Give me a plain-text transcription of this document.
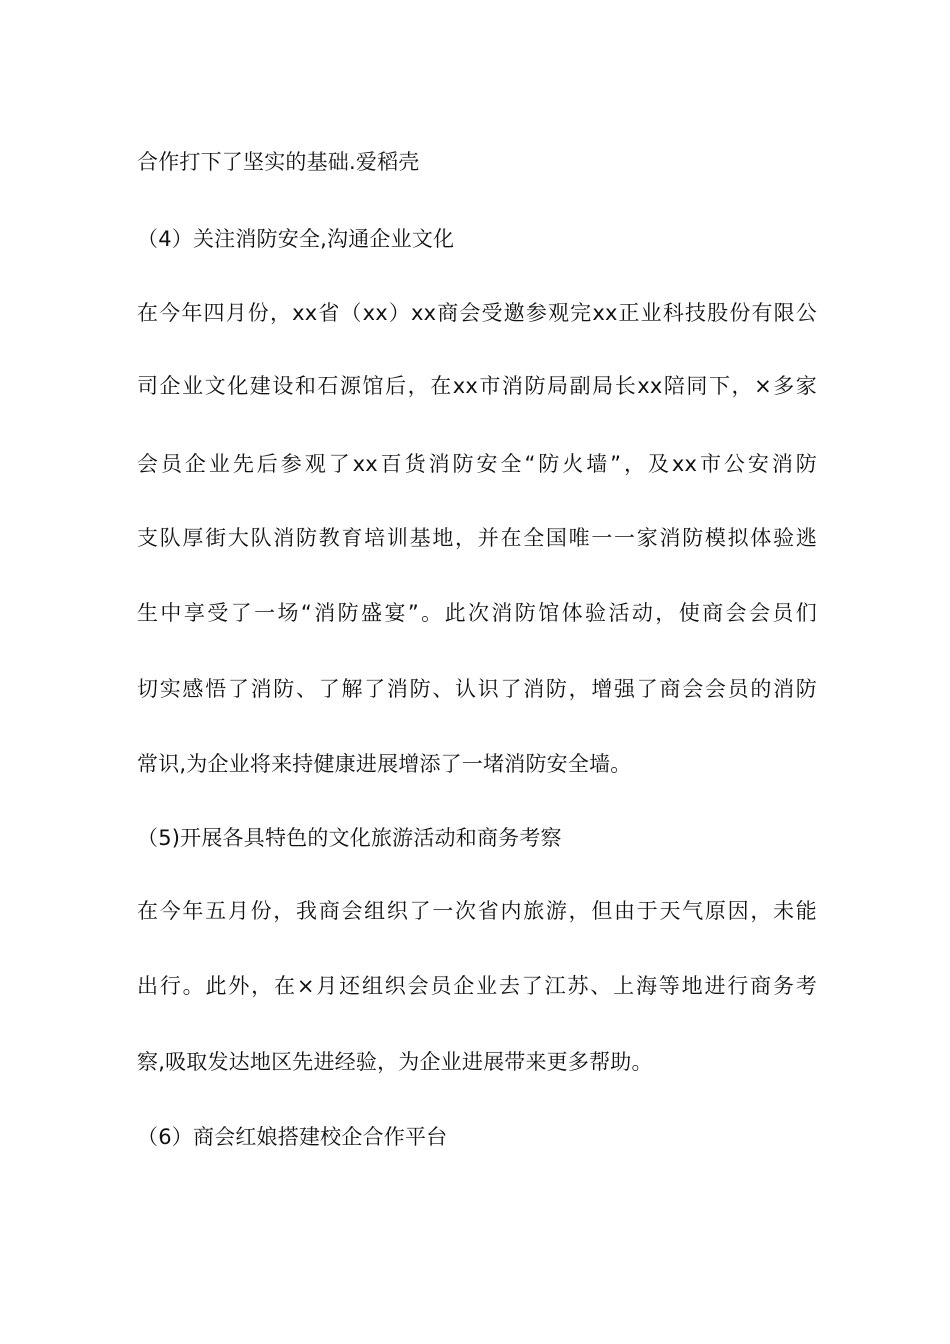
合作打下了坚实的基础.爱稻壳
（4）关注消防安全,沟通企业文化
在今年四月份，xx省（xx）xx商会受邀参观完xx正业科技股份有限公
司企业文化建设和石源馆后，在xx市消防局副局长xx陪同下，×多家
会员企业先后参观了xx百货消防安全“防火墙”，及xx市公安消防
支队厚街大队消防教育培训基地，并在全国唯一一家消防模拟体验逃
生中享受了一场“消防盛宴”。此次消防馆体验活动，使商会会员们
切实感悟了消防、了解了消防、认识了消防，增强了商会会员的消防
常识,为企业将来持健康进展增添了一堵消防安全墙。
（5)开展各具特色的文化旅游活动和商务考察
在今年五月份，我商会组织了一次省内旅游，但由于天气原因，未能
出行。此外，在×月还组织会员企业去了江苏、上海等地进行商务考
察,吸取发达地区先进经验，为企业进展带来更多帮助。
（6）商会红娘搭建校企合作平台
